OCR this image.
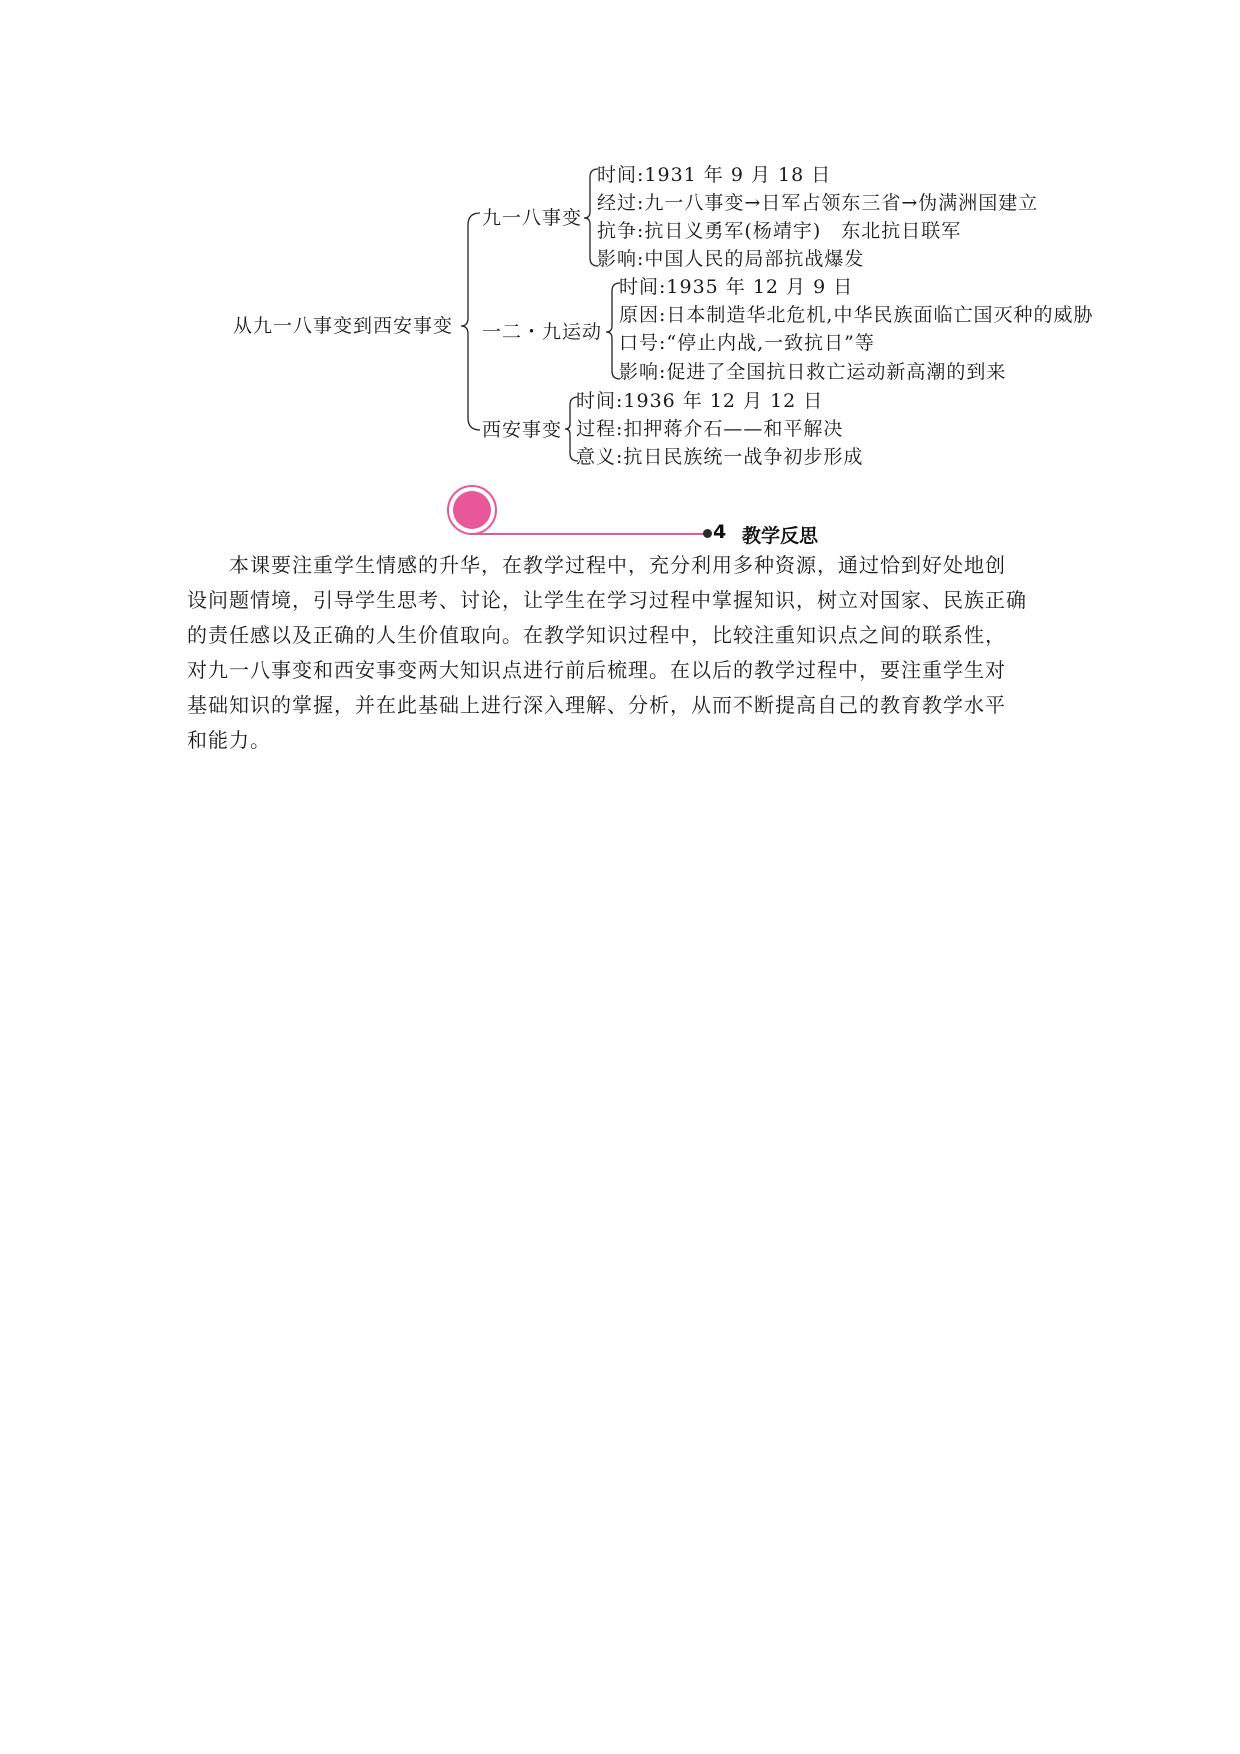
从九一八事变到西安事变
九一八事变
时间:1931 年 9 月 18 日
经过:九一八事变→日军占领东三省→伪满洲国建立
抗争:抗日义勇军(杨靖宇)　东北抗日联军
影响:中国人民的局部抗战爆发
一二・九运动
时间:1935 年 12 月 9 日
原因:日本制造华北危机,中华民族面临亡国灭种的威胁
口号:“停止内战,一致抗日”等
影响:促进了全国抗日救亡运动新高潮的到来
西安事变
时间:1936 年 12 月 12 日
过程:扣押蒋介石——和平解决
意义:抗日民族统一战争初步形成
4 教学反思

本课要注重学生情感的升华，在教学过程中，充分利用多种资源，通过恰到好处地创

设问题情境，引导学生思考、讨论，让学生在学习过程中掌握知识，树立对国家、民族正确

的责任感以及正确的人生价值取向。在教学知识过程中，比较注重知识点之间的联系性，

对九一八事变和西安事变两大知识点进行前后梳理。在以后的教学过程中，要注重学生对

基础知识的掌握，并在此基础上进行深入理解、分析，从而不断提高自己的教育教学水平

和能力。
